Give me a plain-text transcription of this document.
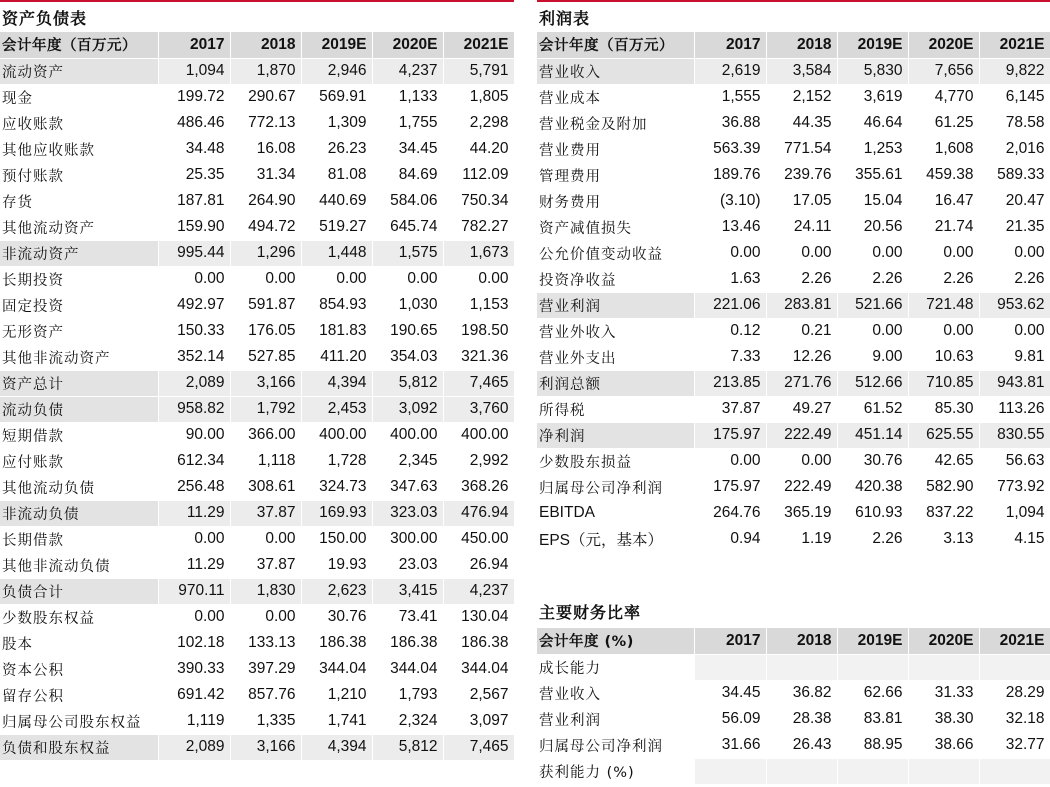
资产负债表
会计年度（百万元）	2017	2018	2019E	2020E	2021E
流动资产	1,094	1,870	2,946	4,237	5,791
现金	199.72	290.67	569.91	1,133	1,805
应收账款	486.46	772.13	1,309	1,755	2,298
其他应收账款	34.48	16.08	26.23	34.45	44.20
预付账款	25.35	31.34	81.08	84.69	112.09
存货	187.81	264.90	440.69	584.06	750.34
其他流动资产	159.90	494.72	519.27	645.74	782.27
非流动资产	995.44	1,296	1,448	1,575	1,673
长期投资	0.00	0.00	0.00	0.00	0.00
固定投资	492.97	591.87	854.93	1,030	1,153
无形资产	150.33	176.05	181.83	190.65	198.50
其他非流动资产	352.14	527.85	411.20	354.03	321.36
资产总计	2,089	3,166	4,394	5,812	7,465
流动负债	958.82	1,792	2,453	3,092	3,760
短期借款	90.00	366.00	400.00	400.00	400.00
应付账款	612.34	1,118	1,728	2,345	2,992
其他流动负债	256.48	308.61	324.73	347.63	368.26
非流动负债	11.29	37.87	169.93	323.03	476.94
长期借款	0.00	0.00	150.00	300.00	450.00
其他非流动负债	11.29	37.87	19.93	23.03	26.94
负债合计	970.11	1,830	2,623	3,415	4,237
少数股东权益	0.00	0.00	30.76	73.41	130.04
股本	102.18	133.13	186.38	186.38	186.38
资本公积	390.33	397.29	344.04	344.04	344.04
留存公积	691.42	857.76	1,210	1,793	2,567
归属母公司股东权益	1,119	1,335	1,741	2,324	3,097
负债和股东权益	2,089	3,166	4,394	5,812	7,465
利润表
会计年度（百万元）	2017	2018	2019E	2020E	2021E
营业收入	2,619	3,584	5,830	7,656	9,822
营业成本	1,555	2,152	3,619	4,770	6,145
营业税金及附加	36.88	44.35	46.64	61.25	78.58
营业费用	563.39	771.54	1,253	1,608	2,016
管理费用	189.76	239.76	355.61	459.38	589.33
财务费用	(3.10)	17.05	15.04	16.47	20.47
资产减值损失	13.46	24.11	20.56	21.74	21.35
公允价值变动收益	0.00	0.00	0.00	0.00	0.00
投资净收益	1.63	2.26	2.26	2.26	2.26
营业利润	221.06	283.81	521.66	721.48	953.62
营业外收入	0.12	0.21	0.00	0.00	0.00
营业外支出	7.33	12.26	9.00	10.63	9.81
利润总额	213.85	271.76	512.66	710.85	943.81
所得税	37.87	49.27	61.52	85.30	113.26
净利润	175.97	222.49	451.14	625.55	830.55
少数股东损益	0.00	0.00	30.76	42.65	56.63
归属母公司净利润	175.97	222.49	420.38	582.90	773.92
EBITDA	264.76	365.19	610.93	837.22	1,094
EPS（元，基本）	0.94	1.19	2.26	3.13	4.15
主要财务比率
会计年度 (%)	2017	2018	2019E	2020E	2021E
成长能力					
营业收入	34.45	36.82	62.66	31.33	28.29
营业利润	56.09	28.38	83.81	38.30	32.18
归属母公司净利润	31.66	26.43	88.95	38.66	32.77
获利能力 (%)					
